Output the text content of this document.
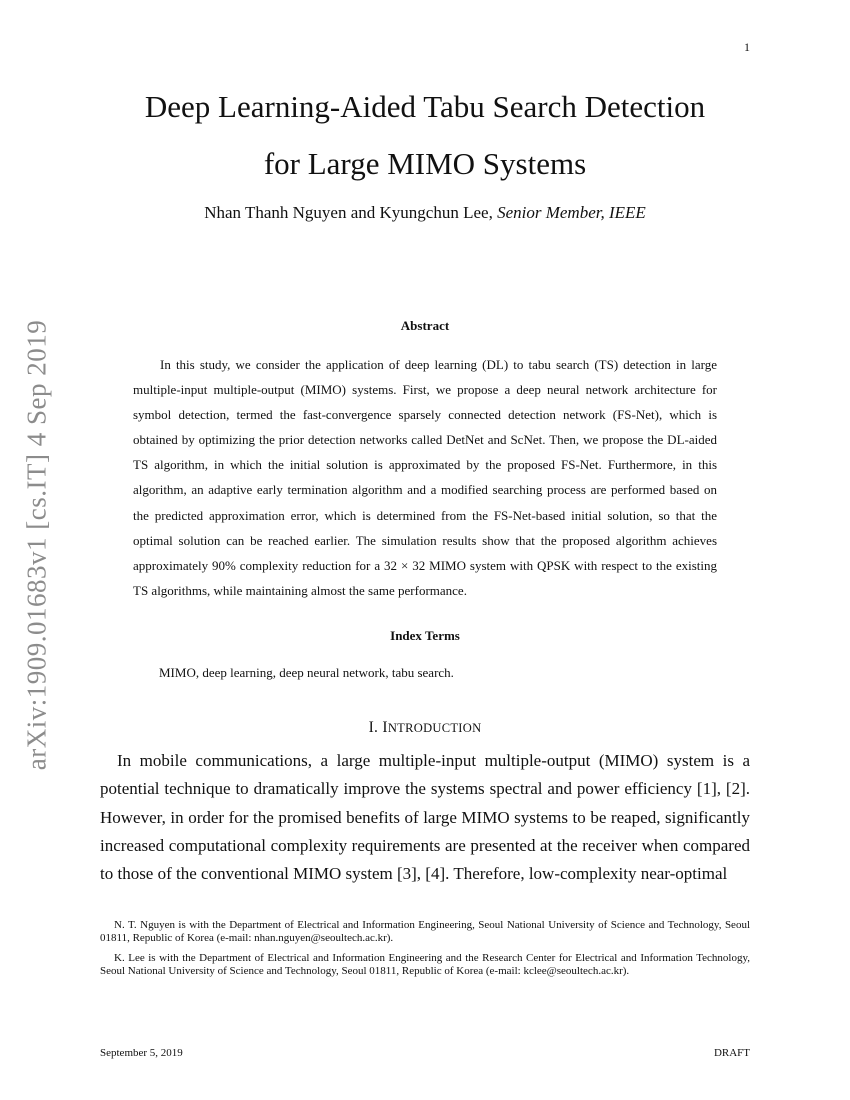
1
arXiv:1909.01683v1 [cs.IT] 4 Sep 2019
Deep Learning-Aided Tabu Search Detection
for Large MIMO Systems
Nhan Thanh Nguyen and Kyungchun Lee, Senior Member, IEEE
Abstract

In this study, we consider the application of deep learning (DL) to tabu search (TS) detection in large multiple-input multiple-output (MIMO) systems. First, we propose a deep neural network architecture for symbol detection, termed the fast-convergence sparsely connected detection network (FS-Net), which is obtained by optimizing the prior detection networks called DetNet and ScNet. Then, we propose the DL-aided TS algorithm, in which the initial solution is approximated by the proposed FS-Net. Furthermore, in this algorithm, an adaptive early termination algorithm and a modified searching process are performed based on the predicted approximation error, which is determined from the FS-Net-based initial solution, so that the optimal solution can be reached earlier. The simulation results show that the proposed algorithm achieves approximately 90% complexity reduction for a 32 × 32 MIMO system with QPSK with respect to the existing TS algorithms, while maintaining almost the same performance.

Index Terms
MIMO, deep learning, deep neural network, tabu search.
I. INTRODUCTION

In mobile communications, a large multiple-input multiple-output (MIMO) system is a potential technique to dramatically improve the systems spectral and power efficiency [1], [2]. However, in order for the promised benefits of large MIMO systems to be reaped, significantly increased computational complexity requirements are presented at the receiver when compared to those of the conventional MIMO system [3], [4]. Therefore, low-complexity near-optimal

N. T. Nguyen is with the Department of Electrical and Information Engineering, Seoul National University of Science and Technology, Seoul 01811, Republic of Korea (e-mail: nhan.nguyen@seoultech.ac.kr).

K. Lee is with the Department of Electrical and Information Engineering and the Research Center for Electrical and Information Technology, Seoul National University of Science and Technology, Seoul 01811, Republic of Korea (e-mail: kclee@seoultech.ac.kr).

September 5, 2019	DRAFT
